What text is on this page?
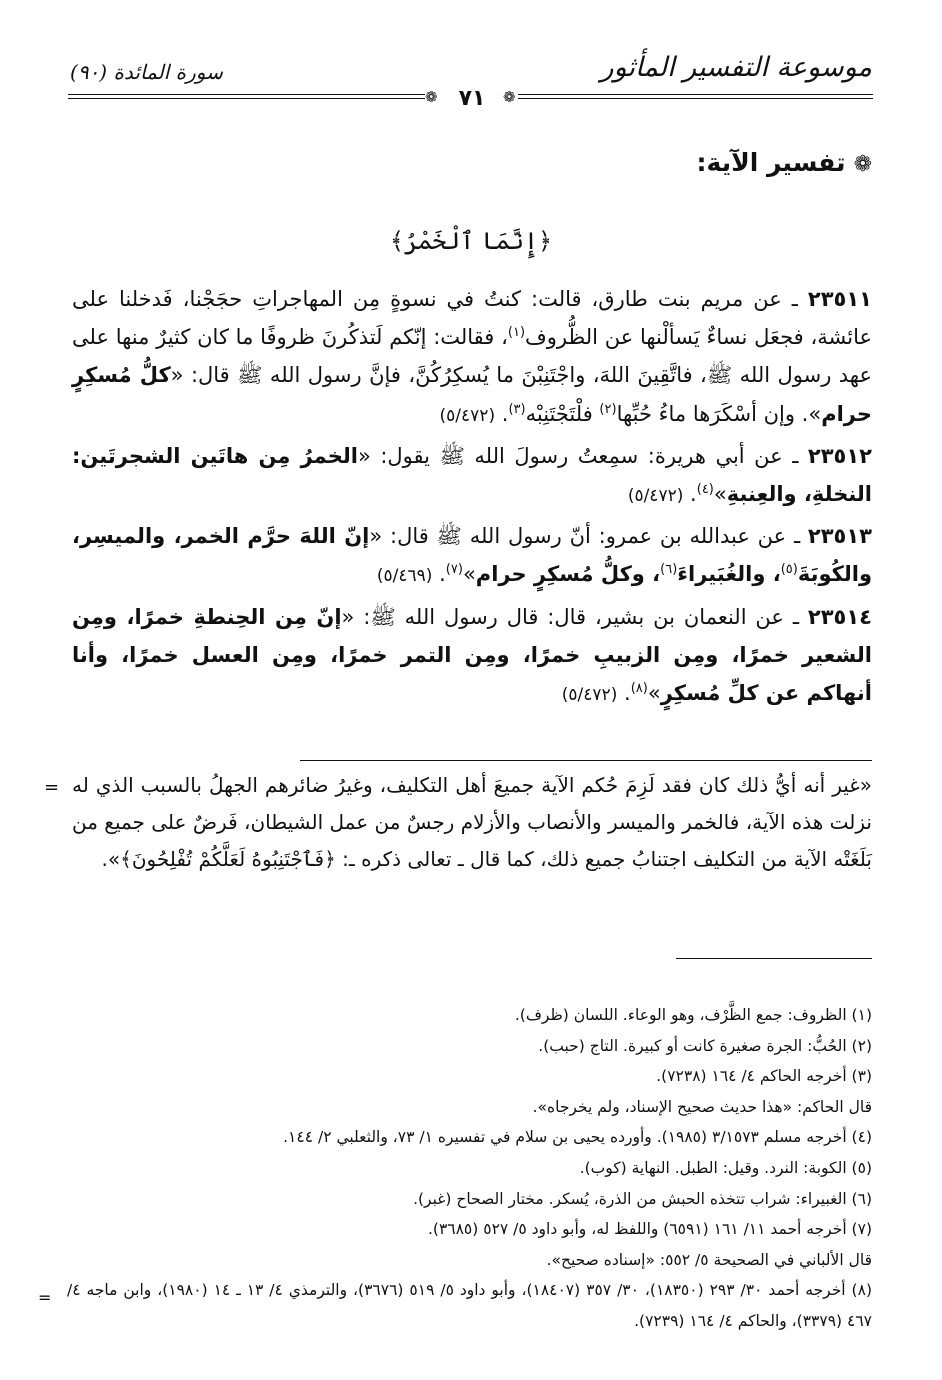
موسوعة التفسير المأثور
سورة المائدة (٩٠)
❁	❁
٧١
❁تفسير الآية:
﴿إِنَّمَا ٱلْخَمْرُ﴾

٢٣٥١١ ـ عن مريم بنت طارق، قالت: كنتُ في نسوةٍ مِن المهاجراتِ حجَجْنا، فَدخلنا على عائشة، فجعَل نساءٌ يَسألْنها عن الظُّروف$^{(١)}$، فقالت: إنّكم لَتذكُرنَ ظروفًا ما كان كثيرٌ منها على عهد رسول الله ﷺ، فاتَّقِينَ اللهَ، واجْتَنِبْنَ ما يُسكِرُكُنَّ، فإنَّ رسول الله ﷺ قال: «كلُّ مُسكِرٍ حرام». وإن أسْكَرَها ماءُ حُبِّها$^{(٢)}$ فلْتَجْتَنِبْه$^{(٣)}$. (٥/٤٧٢)

٢٣٥١٢ ـ عن أبي هريرة: سمِعتُ رسولَ الله ﷺ يقول: «الخمرُ مِن هاتَين الشجرتَين: النخلةِ، والعِنبةِ»$^{(٤)}$. (٥/٤٧٢)

٢٣٥١٣ ـ عن عبدالله بن عمرو: أنّ رسول الله ﷺ قال: «إنّ اللهَ حرَّم الخمر، والميسِر، والكُوبَةَ$^{(٥)}$، والغُبَيراءَ$^{(٦)}$، وكلُّ مُسكِرٍ حرام»$^{(٧)}$. (٥/٤٦٩)

٢٣٥١٤ ـ عن النعمان بن بشير، قال: قال رسول الله ﷺ: «إنّ مِن الحِنطةِ خمرًا، ومِن الشعير خمرًا، ومِن الزبيبِ خمرًا، ومِن التمر خمرًا، ومِن العسل خمرًا، وأنا أنهاكم عن كلِّ مُسكِرٍ»$^{(٨)}$. (٥/٤٧٢)

= «غير أنه أيُّ ذلك كان فقد لَزِمَ حُكم الآية جميعَ أهل التكليف، وغيرُ ضائرهم الجهلُ بالسبب الذي له نزلت هذه الآية، فالخمر والميسر والأنصاب والأزلام رجسٌ من عمل الشيطان، فَرضٌ على جميع من بَلَغَتْه الآية من التكليف اجتنابُ جميع ذلك، كما قال ـ تعالى ذكره ـ: ﴿فَٱجْتَنِبُوهُ لَعَلَّكُمْ تُفْلِحُونَ﴾».

(١) الظروف: جمع الظَّرْف، وهو الوعاء. اللسان (ظرف).

(٢) الحُبُّ: الجرة صغيرة كانت أو كبيرة. التاج (حبب).

(٣) أخرجه الحاكم ٤/ ١٦٤ (٧٢٣٨).

قال الحاكم: «هذا حديث صحيح الإسناد، ولم يخرجاه».

(٤) أخرجه مسلم ٣/١٥٧٣ (١٩٨٥). وأورده يحيى بن سلام في تفسيره ١/ ٧٣، والثعلبي ٢/ ١٤٤.

(٥) الكوبة: النرد. وقيل: الطبل. النهاية (كوب).

(٦) الغبيراء: شراب تتخذه الحبش من الذرة، يُسكر. مختار الصحاح (غبر).

(٧) أخرجه أحمد ١١/ ١٦١ (٦٥٩١) واللفظ له، وأبو داود ٥/ ٥٢٧ (٣٦٨٥).

قال الألباني في الصحيحة ٥/ ٥٥٢: «إسناده صحيح».

(٨) أخرجه أحمد ٣٠/ ٢٩٣ (١٨٣٥٠)، ٣٠/ ٣٥٧ (١٨٤٠٧)، وأبو داود ٥/ ٥١٩ (٣٦٧٦)، والترمذي ٤/ ١٣ ـ ١٤ (١٩٨٠)، وابن ماجه ٤/ ٤٦٧ (٣٣٧٩)، والحاكم ٤/ ١٦٤ (٧٢٣٩).

=
